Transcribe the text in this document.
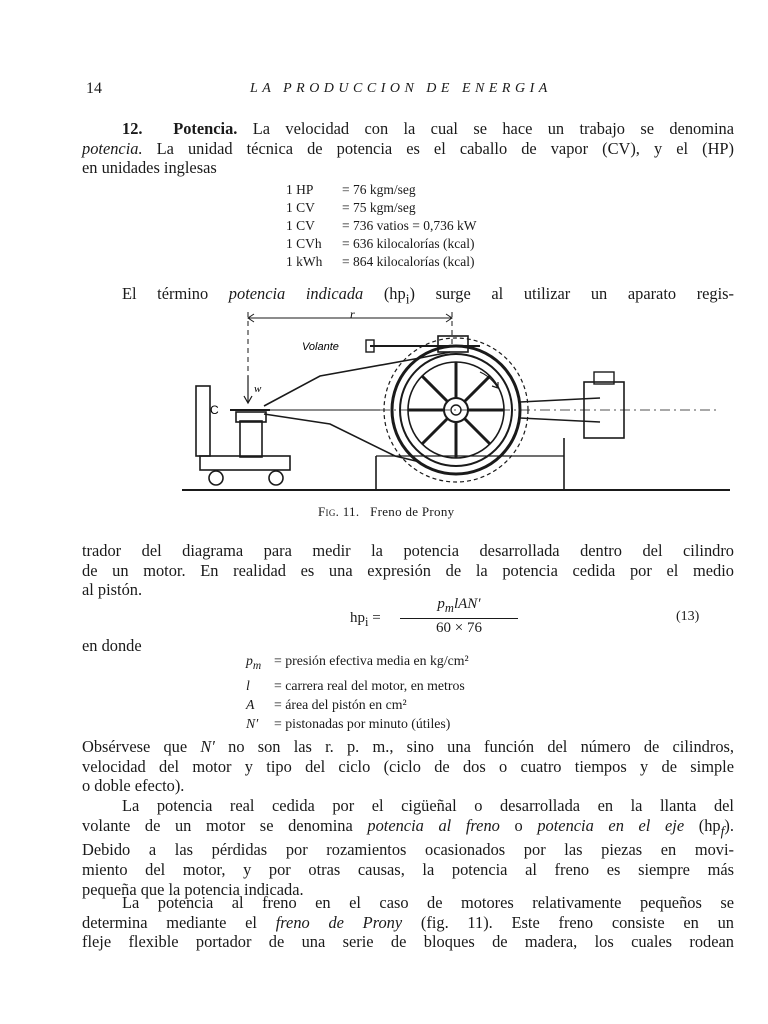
14	LA PRODUCCION DE ENERGIA
12. Potencia. La velocidad con la cual se hace un trabajo se denomina
potencia. La unidad técnica de potencia es el caballo de vapor (CV), y el (HP)
en unidades inglesas
1 HP	= 76 kgm/seg
1 CV	= 75 kgm/seg
1 CV	= 736 vatios = 0,736 kW
1 CVh	= 636 kilocalorías (kcal)
1 kWh	= 864 kilocalorías (kcal)
El término potencia indicada $(hp_i)$ surge al utilizar un aparato regis-
r
Volante
w
C
Fig. 11. Freno de Prony
trador del diagrama para medir la potencia desarrollada dentro del cilindro
de un motor. En realidad es una expresión de la potencia cedida por el medio
al pistón.
$hp_i$ =
$p_mlAN'$
60 × 76
(13)
en donde
$p_m$ = presión efectiva media en kg/cm²
l	= carrera real del motor, en metros
A	= área del pistón en cm²
N′	= pistonadas por minuto (útiles)
Obsérvese que N′ no son las r. p. m., sino una función del número de cilindros,
velocidad del motor y tipo del ciclo (ciclo de dos o cuatro tiempos y de simple
o doble efecto).
La potencia real cedida por el cigüeñal o desarrollada en la llanta del
volante de un motor se denomina potencia al freno o potencia en el eje $(hp_f)$.
Debido a las pérdidas por rozamientos ocasionados por las piezas en movi-
miento del motor, y por otras causas, la potencia al freno es siempre más
pequeña que la potencia indicada.
La potencia al freno en el caso de motores relativamente pequeños se
determina mediante el freno de Prony (fig. 11). Este freno consiste en un
fleje flexible portador de una serie de bloques de madera, los cuales rodean
